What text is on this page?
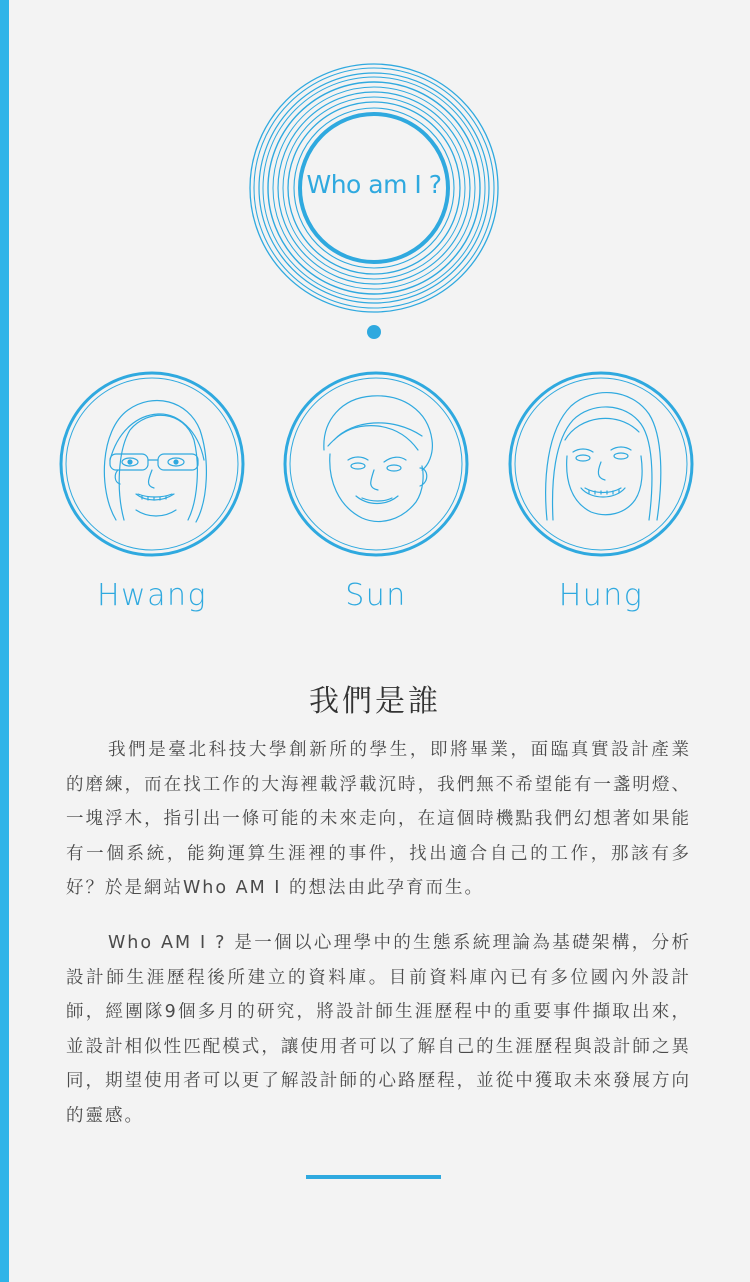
Who am I ?
Hwang	Sun	Hung
我們是誰

我們是臺北科技大學創新所的學生，即將畢業，面臨真實設計產業的磨練，而在找工作的大海裡載浮載沉時，我們無不希望能有一盞明燈、一塊浮木，指引出一條可能的未來走向，在這個時機點我們幻想著如果能有一個系統，能夠運算生涯裡的事件，找出適合自己的工作，那該有多好？於是網站Who AM I 的想法由此孕育而生。

Who AM I ? 是一個以心理學中的生態系統理論為基礎架構，分析設計師生涯歷程後所建立的資料庫。目前資料庫內已有多位國內外設計師，經團隊9個多月的研究，將設計師生涯歷程中的重要事件擷取出來，並設計相似性匹配模式，讓使用者可以了解自己的生涯歷程與設計師之異同，期望使用者可以更了解設計師的心路歷程，並從中獲取未來發展方向的靈感。
